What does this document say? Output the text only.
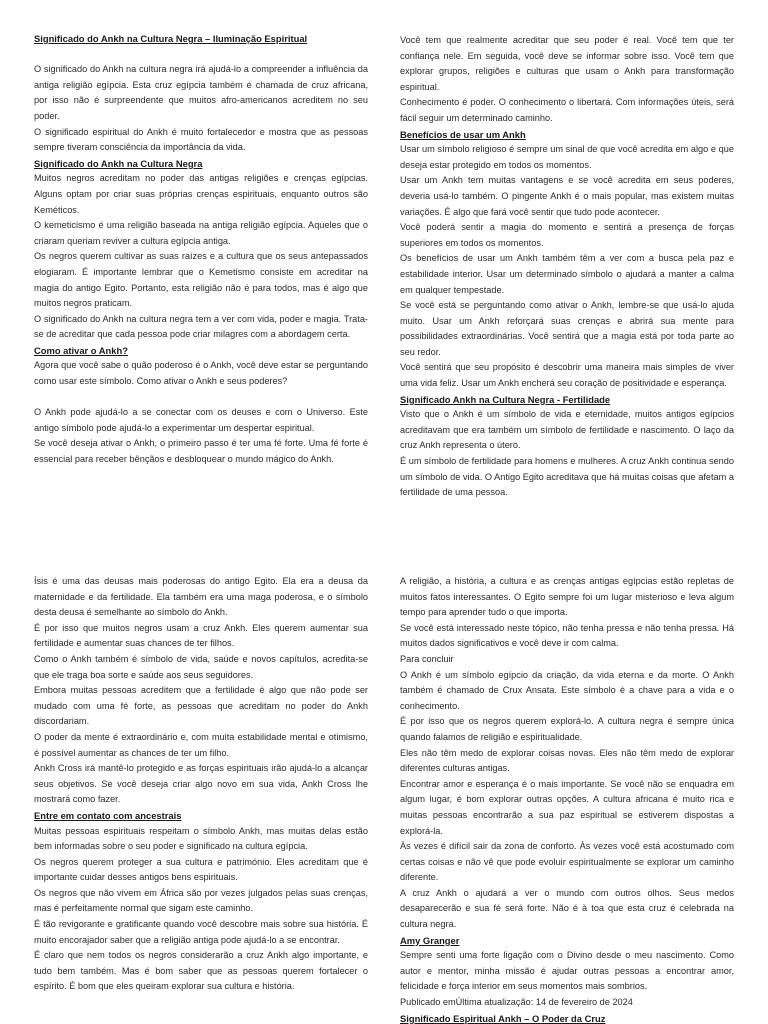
Significado do Ankh na Cultura Negra – Iluminação Espiritual

O significado do Ankh na cultura negra irá ajudá-lo a compreender a influência da antiga religião egípcia. Esta cruz egípcia também é chamada de cruz africana, por isso não é surpreendente que muitos afro-americanos acreditem no seu poder.

O significado espiritual do Ankh é muito fortalecedor e mostra que as pessoas sempre tiveram consciência da importância da vida.

Significado do Ankh na Cultura Negra

Muitos negros acreditam no poder das antigas religiões e crenças egípcias. Alguns optam por criar suas próprias crenças espirituais, enquanto outros são Keméticos.

O kemeticismo é uma religião baseada na antiga religião egípcia. Aqueles que o criaram queriam reviver a cultura egípcia antiga.

Os negros querem cultivar as suas raízes e a cultura que os seus antepassados elogiaram. É importante lembrar que o Kemetismo consiste em acreditar na magia do antigo Egito. Portanto, esta religião não é para todos, mas é algo que muitos negros praticam.

O significado do Ankh na cultura negra tem a ver com vida, poder e magia. Trata-se de acreditar que cada pessoa pode criar milagres com a abordagem certa.

Como ativar o Ankh?

Agora que você sabe o quão poderoso é o Ankh, você deve estar se perguntando como usar este símbolo. Como ativar o Ankh e seus poderes?

O Ankh pode ajudá-lo a se conectar com os deuses e com o Universo. Este antigo símbolo pode ajudá-lo a experimentar um despertar espiritual.

Se você deseja ativar o Ankh, o primeiro passo é ter uma fé forte. Uma fé forte é essencial para receber bênçãos e desbloquear o mundo mágico do Ankh.

Você tem que realmente acreditar que seu poder é real. Você tem que ter confiança nele. Em seguida, você deve se informar sobre isso. Você tem que explorar grupos, religiões e culturas que usam o Ankh para transformação espiritual.

Conhecimento é poder. O conhecimento o libertará. Com informações úteis, será fácil seguir um determinado caminho.

Benefícios de usar um Ankh

Usar um símbolo religioso é sempre um sinal de que você acredita em algo e que deseja estar protegido em todos os momentos.

Usar um Ankh tem muitas vantagens e se você acredita em seus poderes, deveria usá-lo também. O pingente Ankh é o mais popular, mas existem muitas variações. É algo que fará você sentir que tudo pode acontecer.

Você poderá sentir a magia do momento e sentirá a presença de forças superiores em todos os momentos.

Os benefícios de usar um Ankh também têm a ver com a busca pela paz e estabilidade interior. Usar um determinado símbolo o ajudará a manter a calma em qualquer tempestade.

Se você está se perguntando como ativar o Ankh, lembre-se que usá-lo ajuda muito. Usar um Ankh reforçará suas crenças e abrirá sua mente para possibilidades extraordinárias. Você sentirá que a magia está por toda parte ao seu redor.

Você sentirá que seu propósito é descobrir uma maneira mais simples de viver uma vida feliz. Usar um Ankh encherá seu coração de positividade e esperança.

Significado Ankh na Cultura Negra - Fertilidade

Visto que o Ankh é um símbolo de vida e eternidade, muitos antigos egípcios acreditavam que era também um símbolo de fertilidade e nascimento. O laço da cruz Ankh representa o útero.

É um símbolo de fertilidade para homens e mulheres. A cruz Ankh continua sendo um símbolo de vida. O Antigo Egito acreditava que há muitas coisas que afetam a fertilidade de uma pessoa.

Ísis é uma das deusas mais poderosas do antigo Egito. Ela era a deusa da maternidade e da fertilidade. Ela também era uma maga poderosa, e o símbolo desta deusa é semelhante ao símbolo do Ankh.

É por isso que muitos negros usam a cruz Ankh. Eles querem aumentar sua fertilidade e aumentar suas chances de ter filhos.

Como o Ankh também é símbolo de vida, saúde e novos capítulos, acredita-se que ele traga boa sorte e saúde aos seus seguidores.

Embora muitas pessoas acreditem que a fertilidade é algo que não pode ser mudado com uma fé forte, as pessoas que acreditam no poder do Ankh discordariam.

O poder da mente é extraordinário e, com muita estabilidade mental e otimismo, é possível aumentar as chances de ter um filho.

Ankh Cross irá mantê-lo protegido e as forças espirituais irão ajudá-lo a alcançar seus objetivos. Se você deseja criar algo novo em sua vida, Ankh Cross lhe mostrará como fazer.

Entre em contato com ancestrais

Muitas pessoas espirituais respeitam o símbolo Ankh, mas muitas delas estão bem informadas sobre o seu poder e significado na cultura egípcia.

Os negros querem proteger a sua cultura e património. Eles acreditam que é importante cuidar desses antigos bens espirituais.

Os negros que não vivem em África são por vezes julgados pelas suas crenças, mas é perfeitamente normal que sigam este caminho.

É tão revigorante e gratificante quando você descobre mais sobre sua história. É muito encorajador saber que a religião antiga pode ajudá-lo a se encontrar.

É claro que nem todos os negros considerarão a cruz Ankh algo importante, e tudo bem também. Mas é bom saber que as pessoas querem fortalecer o espírito. É bom que eles queiram explorar sua cultura e história.

A religião, a história, a cultura e as crenças antigas egípcias estão repletas de muitos fatos interessantes. O Egito sempre foi um lugar misterioso e leva algum tempo para aprender tudo o que importa.

Se você está interessado neste tópico, não tenha pressa e não tenha pressa. Há muitos dados significativos e você deve ir com calma.

Para concluir

O Ankh é um símbolo egípcio da criação, da vida eterna e da morte. O Ankh também é chamado de Crux Ansata. Este símbolo é a chave para a vida e o conhecimento.

É por isso que os negros querem explorá-lo. A cultura negra é sempre única quando falamos de religião e espiritualidade.

Eles não têm medo de explorar coisas novas. Eles não têm medo de explorar diferentes culturas antigas.

Encontrar amor e esperança é o mais importante. Se você não se enquadra em algum lugar, é bom explorar outras opções. A cultura africana é muito rica e muitas pessoas encontrarão a sua paz espiritual se estiverem dispostas a explorá-la.

Às vezes é difícil sair da zona de conforto. Às vezes você está acostumado com certas coisas e não vê que pode evoluir espiritualmente se explorar um caminho diferente.

A cruz Ankh o ajudará a ver o mundo com outros olhos. Seus medos desaparecerão e sua fé será forte. Não é à toa que esta cruz é celebrada na cultura negra.

Amy Granger

Sempre senti uma forte ligação com o Divino desde o meu nascimento. Como autor e mentor, minha missão é ajudar outras pessoas a encontrar amor, felicidade e força interior em seus momentos mais sombrios.

Publicado emÚltima atualização: 14 de fevereiro de 2024

Significado Espiritual Ankh – O Poder da Cruz
